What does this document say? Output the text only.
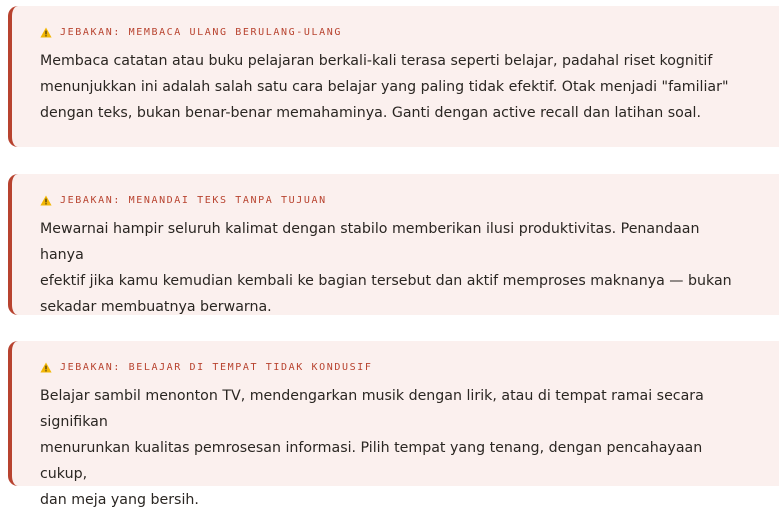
JEBAKAN: MEMBACA ULANG BERULANG-ULANG

Membaca catatan atau buku pelajaran berkali-kali terasa seperti belajar, padahal riset kognitif
menunjukkan ini adalah salah satu cara belajar yang paling tidak efektif. Otak menjadi "familiar"
dengan teks, bukan benar-benar memahaminya. Ganti dengan active recall dan latihan soal.

JEBAKAN: MENANDAI TEKS TANPA TUJUAN

Mewarnai hampir seluruh kalimat dengan stabilo memberikan ilusi produktivitas. Penandaan hanya
efektif jika kamu kemudian kembali ke bagian tersebut dan aktif memproses maknanya — bukan
sekadar membuatnya berwarna.

JEBAKAN: BELAJAR DI TEMPAT TIDAK KONDUSIF

Belajar sambil menonton TV, mendengarkan musik dengan lirik, atau di tempat ramai secara signifikan
menurunkan kualitas pemrosesan informasi. Pilih tempat yang tenang, dengan pencahayaan cukup,
dan meja yang bersih.
